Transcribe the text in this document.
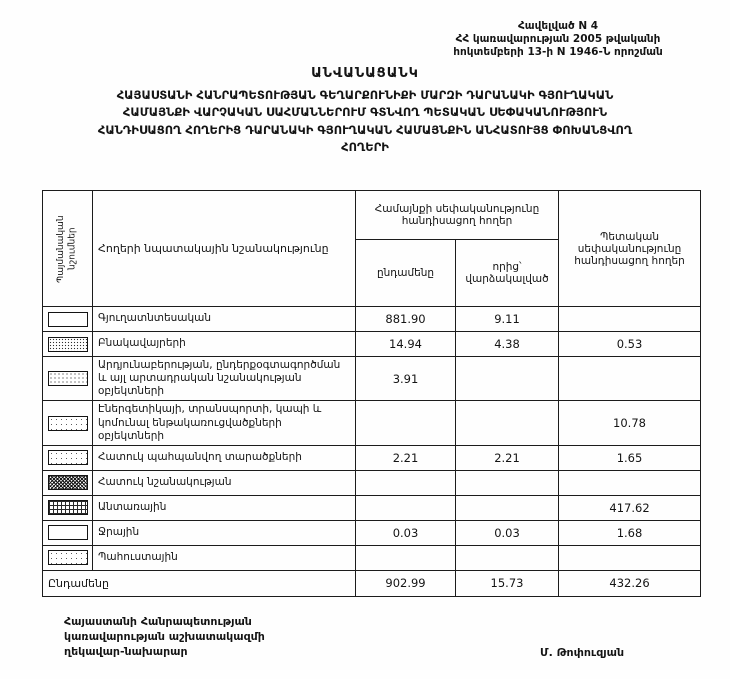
Հավելված N 4
ՀՀ կառավարության 2005 թվականի
հոկտեմբերի 13-ի N 1946-Ն որոշման
ԱՆՎԱՆԱՑԱՆԿ
ՀԱՅԱՍՏԱՆԻ ՀԱՆՐԱՊԵՏՈՒԹՅԱՆ ԳԵՂԱՐՔՈՒՆԻՔԻ ՄԱՐԶԻ ԴԱՐԱՆԱԿԻ ԳՅՈՒՂԱԿԱՆ
ՀԱՄԱՅՆՔԻ ՎԱՐՉԱԿԱՆ ՍԱՀՄԱՆՆԵՐՈՒՄ ԳՏՆՎՈՂ ՊԵՏԱԿԱՆ ՍԵՓԱԿԱՆՈՒԹՅՈՒՆ
ՀԱՆԴԻՍԱՑՈՂ ՀՈՂԵՐԻՑ ԴԱՐԱՆԱԿԻ ԳՅՈՒՂԱԿԱՆ ՀԱՄԱՅՆՔԻՆ ԱՆՀԱՏՈՒՅՑ ՓՈԽԱՆՑՎՈՂ
ՀՈՂԵՐԻ
Պայմանական նշումներ	Հողերի նպատակային նշանակությունը	Համայնքի սեփականությունը հանդիսացող հողեր		Պետական սեփականությունը հանդիսացող հողեր
		ընդամենը	որից՝ վարձակալված	

	Գյուղատնտեսական	881.90	9.11	

	Բնակավայրերի	14.94	4.38	0.53

	Արդյունաբերության, ընդերքօգտագործման և այլ արտադրական նշանակության օբյեկտների	3.91		

	Էներգետիկայի, տրանսպորտի, կապի և կոմունալ ենթակառուցվածքների օբյեկտների			10.78

	Հատուկ պահպանվող տարածքների	2.21	2.21	1.65

	Հատուկ նշանակության			

	Անտառային			417.62

	Ջրային	0.03	0.03	1.68

	Պահուստային			
Ընդամենը		902.99	15.73	432.26
Հայաստանի Հանրապետության
կառավարության աշխատակազմի
ղեկավար-նախարար	Մ. Թոփուզյան
